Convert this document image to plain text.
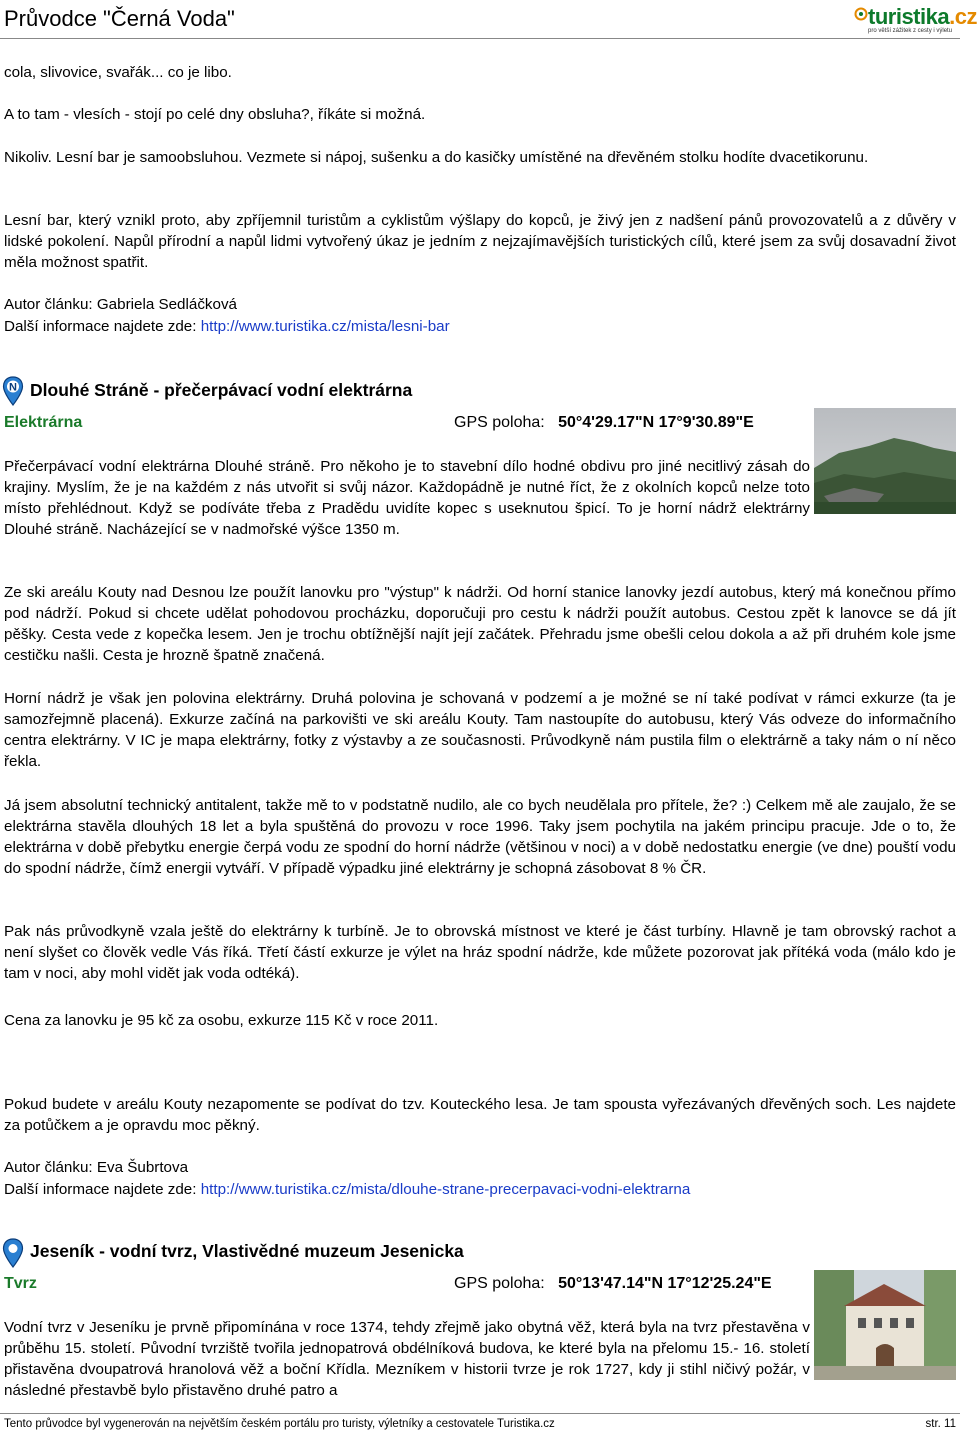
Průvodce "Černá Voda"	turistika.cz
pro větší zážitek z cesty i výletu

cola, slivovice, svařák... co je libo.

A to tam - vlesích - stojí po celé dny obsluha?, říkáte si možná.

Nikoliv. Lesní bar je samoobsluhou. Vezmete si nápoj, sušenku a do kasičky umístěné na dřevěném stolku hodíte dvacetikorunu.

Lesní bar, který vznikl proto, aby zpříjemnil turistům a cyklistům výšlapy do kopců, je živý jen z nadšení pánů provozovatelů a z důvěry v lidské pokolení. Napůl přírodní a napůl lidmi vytvořený úkaz je jedním z nejzajímavějších turistických cílů, které jsem za svůj dosavadní život měla možnost spatřit.

Autor článku: Gabriela Sedláčková

Další informace najdete zde: http://www.turistika.cz/mista/lesni-bar

N Dlouhé Stráně - přečerpávací vodní elektrárna
Elektrárna	GPS poloha: 50°4'29.17"N 17°9'30.89"E

Přečerpávací vodní elektrárna Dlouhé stráně. Pro někoho je to stavební dílo hodné obdivu pro jiné necitlivý zásah do krajiny. Myslím, že je na každém z nás utvořit si svůj názor. Každopádně je nutné říct, že z okolních kopců nelze toto místo přehlédnout. Když se podíváte třeba z Pradědu uvidíte kopec s useknutou špicí. To je horní nádrž elektrárny Dlouhé stráně. Nacházející se v nadmořské výšce 1350 m.

Ze ski areálu Kouty nad Desnou lze použít lanovku pro "výstup" k nádrži. Od horní stanice lanovky jezdí autobus, který má konečnou přímo pod nádrží. Pokud si chcete udělat pohodovou procházku, doporučuji pro cestu k nádrži použít autobus. Cestou zpět k lanovce se dá jít pěšky. Cesta vede z kopečka lesem. Jen je trochu obtížnější najít její začátek. Přehradu jsme obešli celou dokola a až při druhém kole jsme cestičku našli. Cesta je hrozně špatně značená.

Horní nádrž je však jen polovina elektrárny. Druhá polovina je schovaná v podzemí a je možné se ní také podívat v rámci exkurze (ta je samozřejmně placená). Exkurze začíná na parkovišti ve ski areálu Kouty. Tam nastoupíte do autobusu, který Vás odveze do informačního centra elektrárny. V IC je mapa elektrárny, fotky z výstavby a ze současnosti. Průvodkyně nám pustila film o elektrárně a taky nám o ní něco řekla.

Já jsem absolutní technický antitalent, takže mě to v podstatně nudilo, ale co bych neudělala pro přítele, že? :) Celkem mě ale zaujalo, že se elektrárna stavěla dlouhých 18 let a byla spuštěná do provozu v roce 1996. Taky jsem pochytila na jakém principu pracuje. Jde o to, že elektrárna v době přebytku energie čerpá vodu ze spodní do horní nádrže (většinou v noci) a v době nedostatku energie (ve dne) pouští vodu do spodní nádrže, čímž energii vytváří. V případě výpadku jiné elektrárny je schopná zásobovat 8 % ČR.

Pak nás průvodkyně vzala ještě do elektrárny k turbíně. Je to obrovská místnost ve které je část turbíny. Hlavně je tam obrovský rachot a není slyšet co člověk vedle Vás říká. Třetí částí exkurze je výlet na hráz spodní nádrže, kde můžete pozorovat jak přítéká voda (málo kdo je tam v noci, aby mohl vidět jak voda odtéká).

Cena za lanovku je 95 kč za osobu, exkurze 115 Kč v roce 2011.

Pokud budete v areálu Kouty nezapomente se podívat do tzv. Kouteckého lesa. Je tam spousta vyřezávaných dřevěných soch. Les najdete za potůčkem a je opravdu moc pěkný.

Autor článku: Eva Šubrtova

Další informace najdete zde: http://www.turistika.cz/mista/dlouhe-strane-precerpavaci-vodni-elektrarna

Jeseník - vodní tvrz, Vlastivědné muzeum Jesenicka
Tvrz	GPS poloha: 50°13'47.14"N 17°12'25.24"E

Vodní tvrz v Jeseníku je prvně připomínána v roce 1374, tehdy zřejmě jako obytná věž, která byla na tvrz přestavěna v průběhu 15. století. Původní tvrziště tvořila jednopatrová obdélníková budova, ke které byla na přelomu 15.- 16. století přistavěna dvoupatrová hranolová věž a boční Křídla. Mezníkem v historii tvrze je rok 1727, kdy ji stihl ničivý požár, v následné přestavbě bylo přistavěno druhé patro a

Tento průvodce byl vygenerován na největším českém portálu pro turisty, výletníky a cestovatele Turistika.cz	str. 11
